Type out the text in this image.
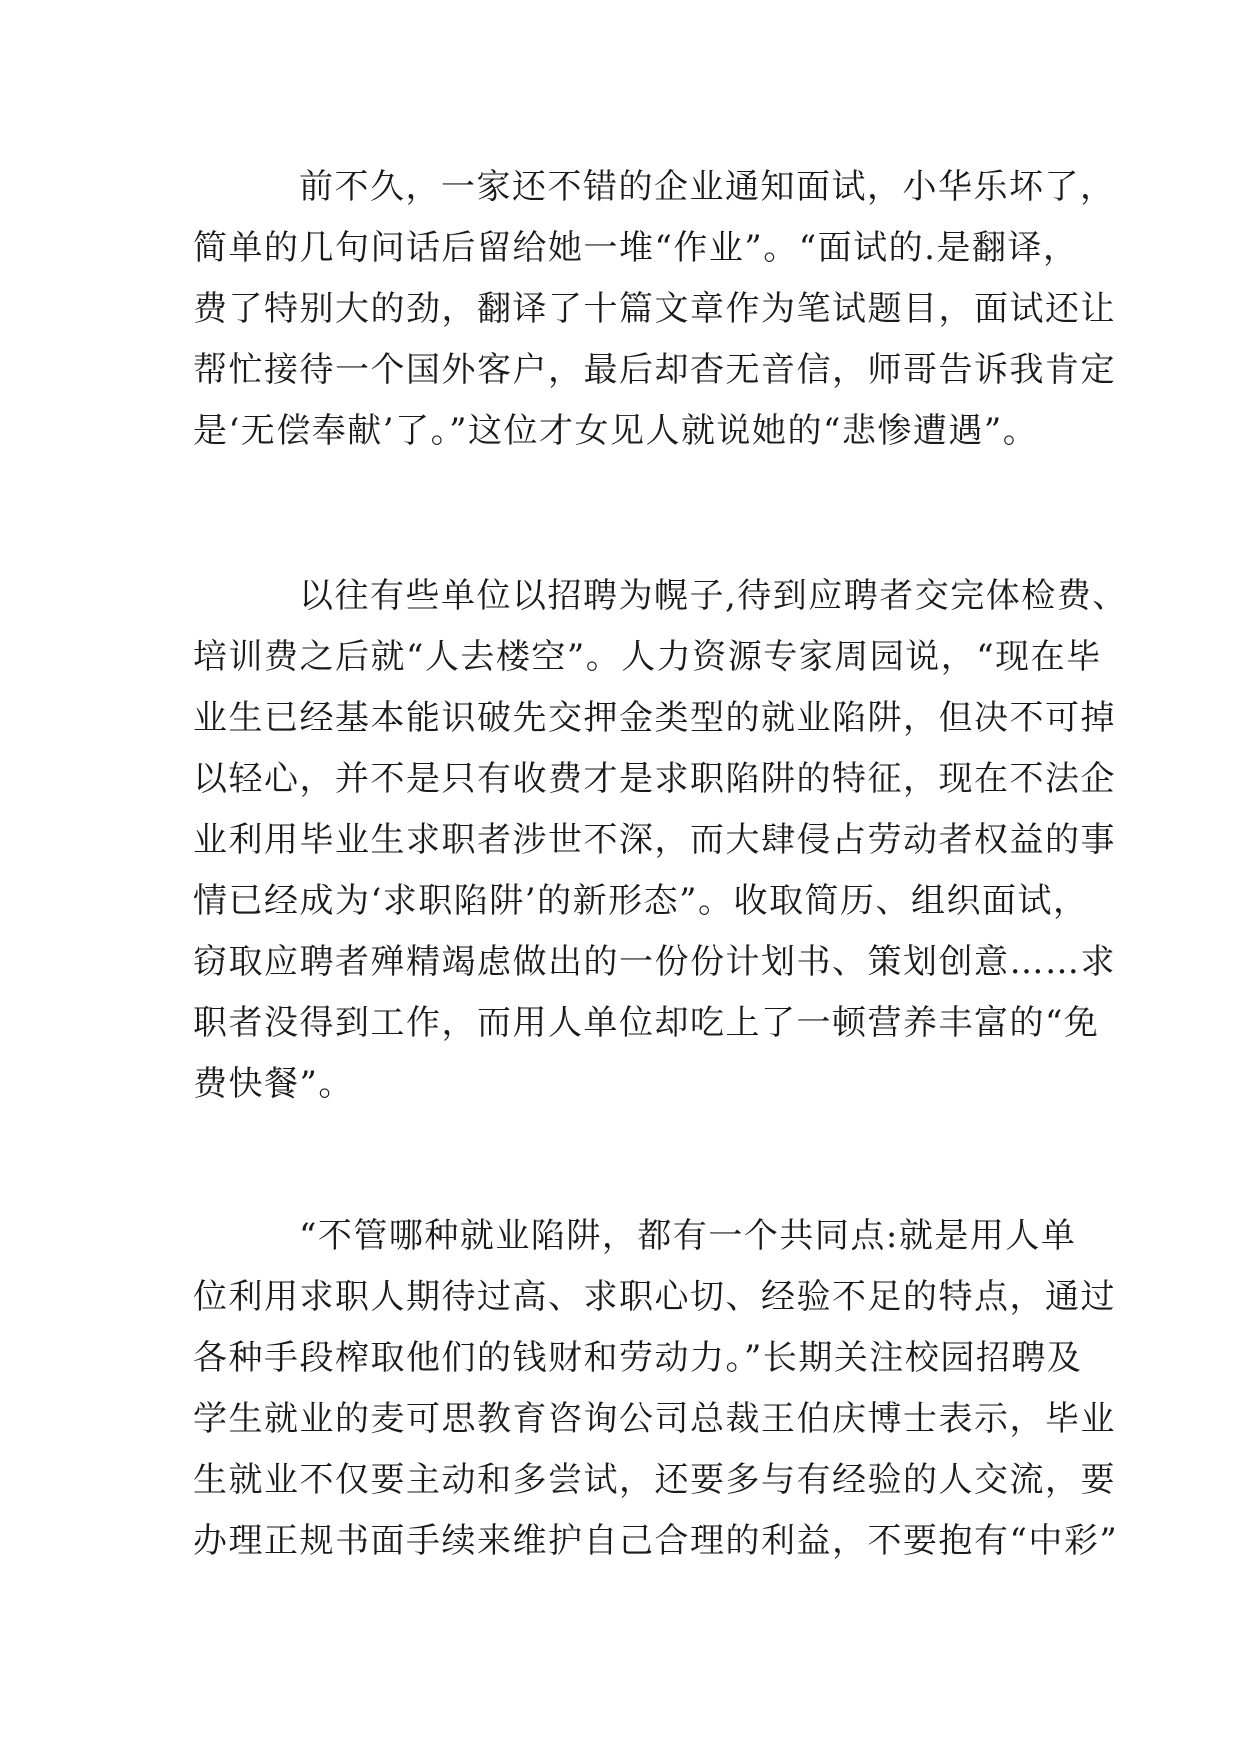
前不久，一家还不错的企业通知面试，小华乐坏了，
简单的几句问话后留给她一堆“作业”。“面试的.是翻译，
费了特别大的劲，翻译了十篇文章作为笔试题目，面试还让
帮忙接待一个国外客户，最后却杳无音信，师哥告诉我肯定
是‘无偿奉献’了。”这位才女见人就说她的“悲惨遭遇”。
以往有些单位以招聘为幌子,待到应聘者交完体检费、
培训费之后就“人去楼空”。人力资源专家周园说，“现在毕
业生已经基本能识破先交押金类型的就业陷阱，但决不可掉
以轻心，并不是只有收费才是求职陷阱的特征，现在不法企
业利用毕业生求职者涉世不深，而大肆侵占劳动者权益的事
情已经成为‘求职陷阱’的新形态”。收取简历、组织面试，
窃取应聘者殚精竭虑做出的一份份计划书、策划创意……求
职者没得到工作，而用人单位却吃上了一顿营养丰富的“免
费快餐”。
“不管哪种就业陷阱，都有一个共同点:就是用人单
位利用求职人期待过高、求职心切、经验不足的特点，通过
各种手段榨取他们的钱财和劳动力。”长期关注校园招聘及
学生就业的麦可思教育咨询公司总裁王伯庆博士表示，毕业
生就业不仅要主动和多尝试，还要多与有经验的人交流，要
办理正规书面手续来维护自己合理的利益，不要抱有“中彩”
